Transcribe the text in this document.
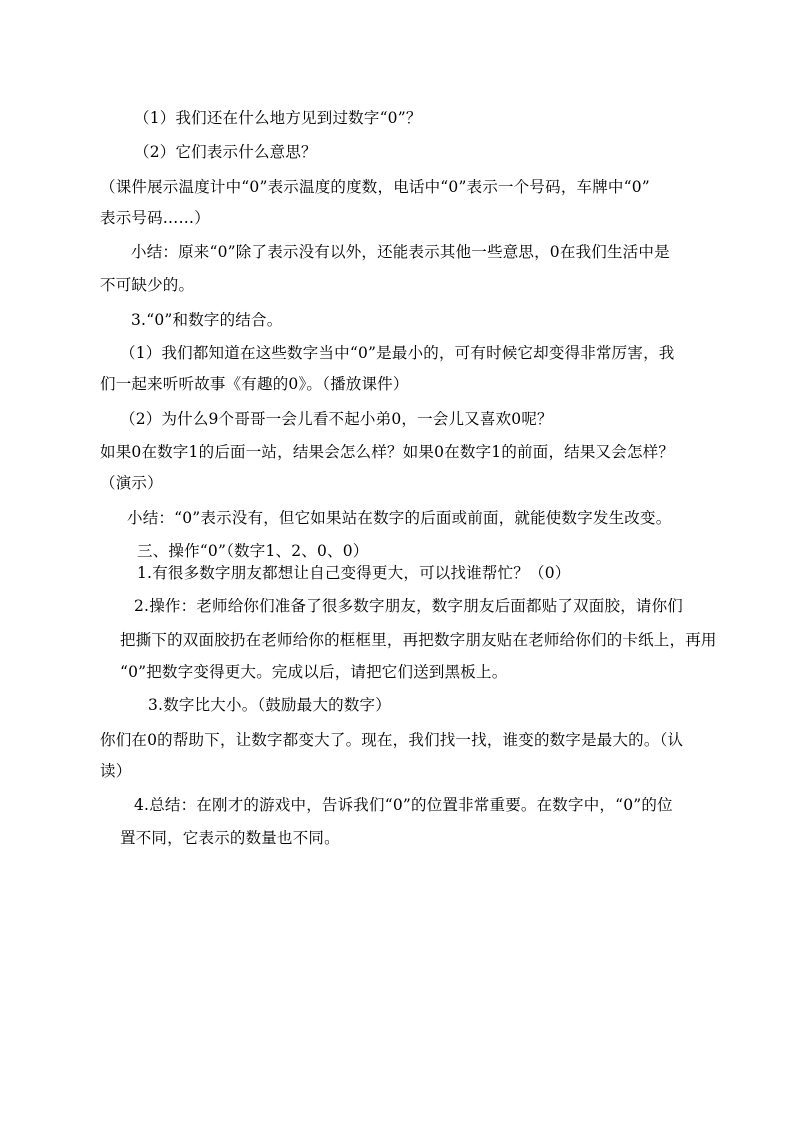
（1）我们还在什么地方见到过数字“0”？
（2）它们表示什么意思？
（课件展示温度计中“0”表示温度的度数，电话中“0”表示一个号码，车牌中“0”
表示号码……）
小结：原来“0”除了表示没有以外，还能表示其他一些意思，0在我们生活中是
不可缺少的。
3.“0”和数字的结合。
（1）我们都知道在这些数字当中“0”是最小的，可有时候它却变得非常厉害，我
们一起来听听故事《有趣的0》。（播放课件）
（2）为什么9个哥哥一会儿看不起小弟0，一会儿又喜欢0呢？
如果0在数字1的后面一站，结果会怎么样？如果0在数字1的前面，结果又会怎样？
（演示）
小结：“0”表示没有，但它如果站在数字的后面或前面，就能使数字发生改变。
三、操作“0”（数字1、2、0、0）
1.有很多数字朋友都想让自己变得更大，可以找谁帮忙？（0）
2.操作：老师给你们准备了很多数字朋友，数字朋友后面都贴了双面胶，请你们
把撕下的双面胶扔在老师给你的框框里，再把数字朋友贴在老师给你们的卡纸上，再用
“0”把数字变得更大。完成以后，请把它们送到黑板上。
3.数字比大小。（鼓励最大的数字）
你们在0的帮助下，让数字都变大了。现在，我们找一找，谁变的数字是最大的。（认
读）
4.总结：在刚才的游戏中，告诉我们“0”的位置非常重要。在数字中，“0”的位
置不同，它表示的数量也不同。
